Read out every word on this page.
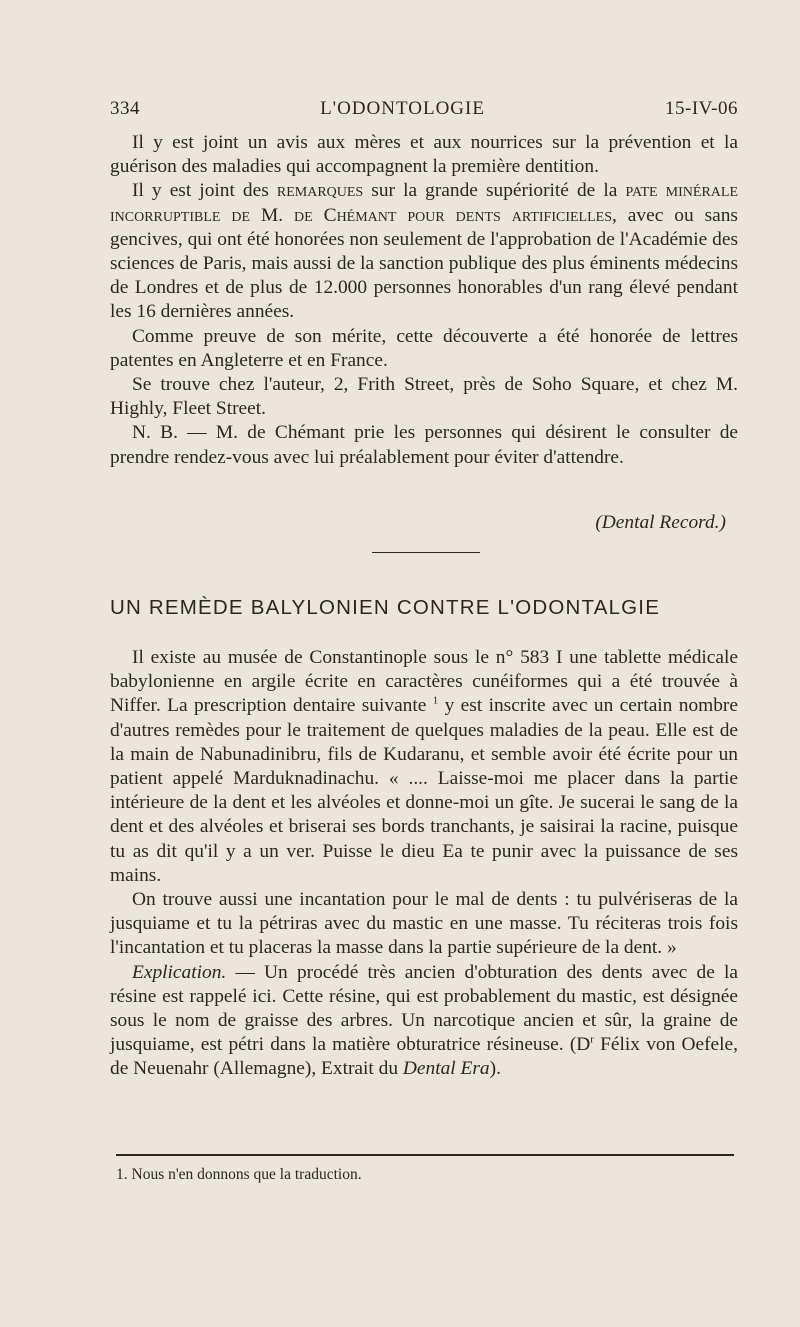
334	L'ODONTOLOGIE	15-IV-06

Il y est joint un avis aux mères et aux nourrices sur la prévention et la guérison des maladies qui accompagnent la première dentition.

Il y est joint des remarques sur la grande supériorité de la pate minérale incorruptible de M. de Chémant pour dents artificielles, avec ou sans gencives, qui ont été honorées non seulement de l'approbation de l'Académie des sciences de Paris, mais aussi de la sanction publique des plus éminents médecins de Londres et de plus de 12.000 personnes honorables d'un rang élevé pendant les 16 dernières années.

Comme preuve de son mérite, cette découverte a été honorée de lettres patentes en Angleterre et en France.

Se trouve chez l'auteur, 2, Frith Street, près de Soho Square, et chez M. Highly, Fleet Street.

N. B. — M. de Chémant prie les personnes qui désirent le consulter de prendre rendez-vous avec lui préalablement pour éviter d'attendre.

(Dental Record.)
UN REMÈDE BALYLONIEN CONTRE L'ODONTALGIE

Il existe au musée de Constantinople sous le n° 583 I une tablette médicale babylonienne en argile écrite en caractères cunéiformes qui a été trouvée à Niffer. La prescription dentaire suivante $^1$ y est inscrite avec un certain nombre d'autres remèdes pour le traitement de quelques maladies de la peau. Elle est de la main de Nabunadinibru, fils de Kudaranu, et semble avoir été écrite pour un patient appelé Marduknadinachu. « .... Laisse-moi me placer dans la partie intérieure de la dent et les alvéoles et donne-moi un gîte. Je sucerai le sang de la dent et des alvéoles et briserai ses bords tranchants, je saisirai la racine, puisque tu as dit qu'il y a un ver. Puisse le dieu Ea te punir avec la puissance de ses mains.

On trouve aussi une incantation pour le mal de dents : tu pulvériseras de la jusquiame et tu la pétriras avec du mastic en une masse. Tu réciteras trois fois l'incantation et tu placeras la masse dans la partie supérieure de la dent. »

Explication. — Un procédé très ancien d'obturation des dents avec de la résine est rappelé ici. Cette résine, qui est probablement du mastic, est désignée sous le nom de graisse des arbres. Un narcotique ancien et sûr, la graine de jusquiame, est pétri dans la matière obturatrice résineuse. ($D^r$ Félix von Oefele, de Neuenahr (Allemagne), Extrait du Dental Era).

1. Nous n'en donnons que la traduction.
